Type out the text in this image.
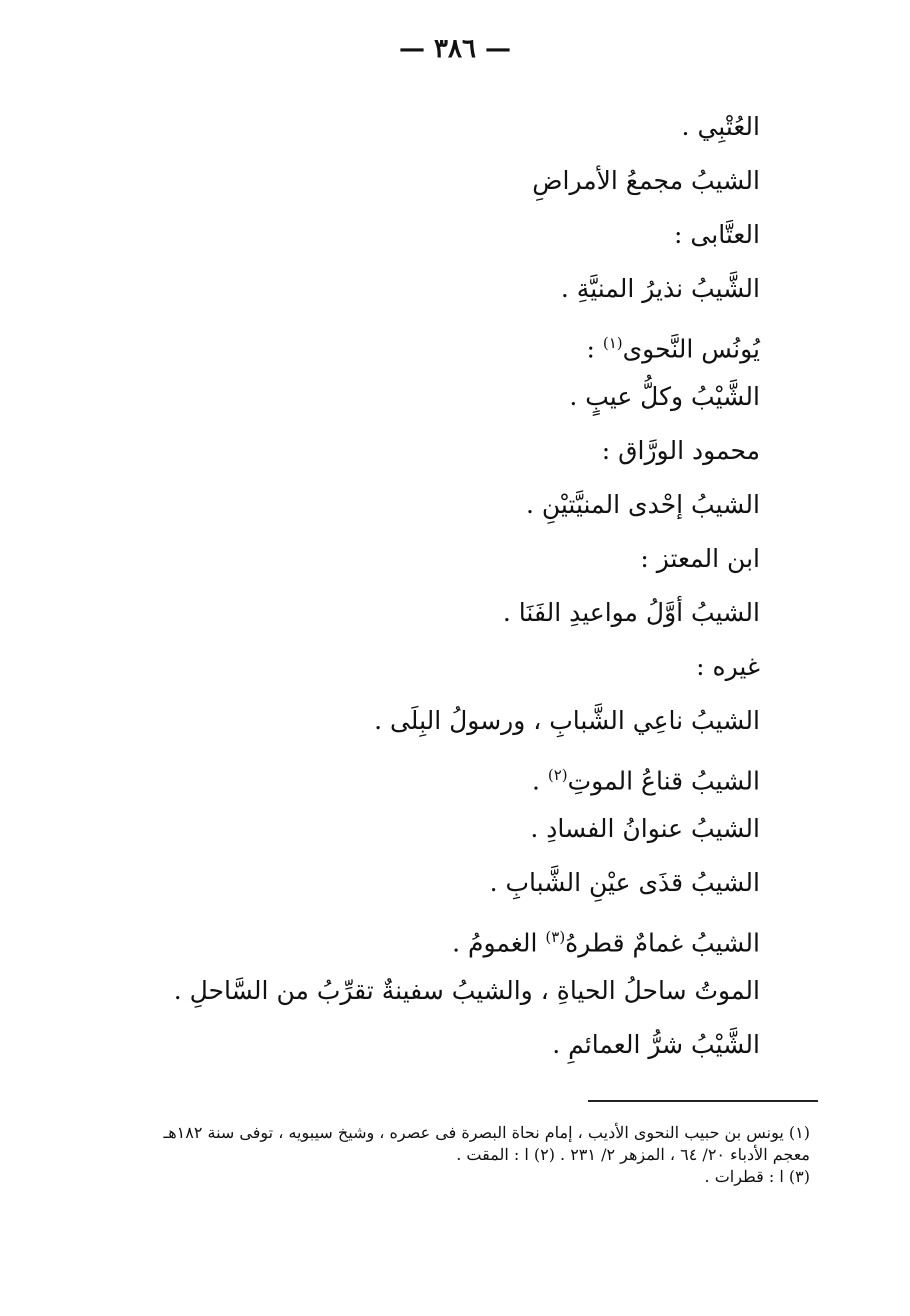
— ٣٨٦ —
العُتْبِي .
الشيبُ مجمعُ الأمراضِ
العتَّابى :
الشَّيبُ نذيرُ المنيَّةِ .
يُونُس النَّحوى$^{(١)}$ :
الشَّيْبُ وكلُّ عيبٍ .
محمود الورَّاق :
الشيبُ إحْدى المنيَّتيْنِ .
ابن المعتز :
الشيبُ أوَّلُ مواعيدِ الفَنَا .
غيره :
الشيبُ ناعِي الشَّبابِ ، ورسولُ البِلَى .
الشيبُ قناعُ الموتِ$^{(٢)}$ .
الشيبُ عنوانُ الفسادِ .
الشيبُ قذَى عيْنِ الشَّبابِ .
الشيبُ غمامٌ قطرهُ$^{(٣)}$ الغمومُ .
الموتُ ساحلُ الحياةِ ، والشيبُ سفينةٌ تقرِّبُ من السَّاحلِ .
الشَّيْبُ شرُّ العمائمِ .
(١) يونس بن حبيب النحوى الأديب ، إمام نحاة البصرة فى عصره ، وشيخ سيبويه ، توفى سنة ١٨٢هـ
معجم الأدباء ٢٠/ ٦٤ ، المزهر ٢/ ٢٣١ . (٢) ا : المقت .
(٣) ا : قطرات .
